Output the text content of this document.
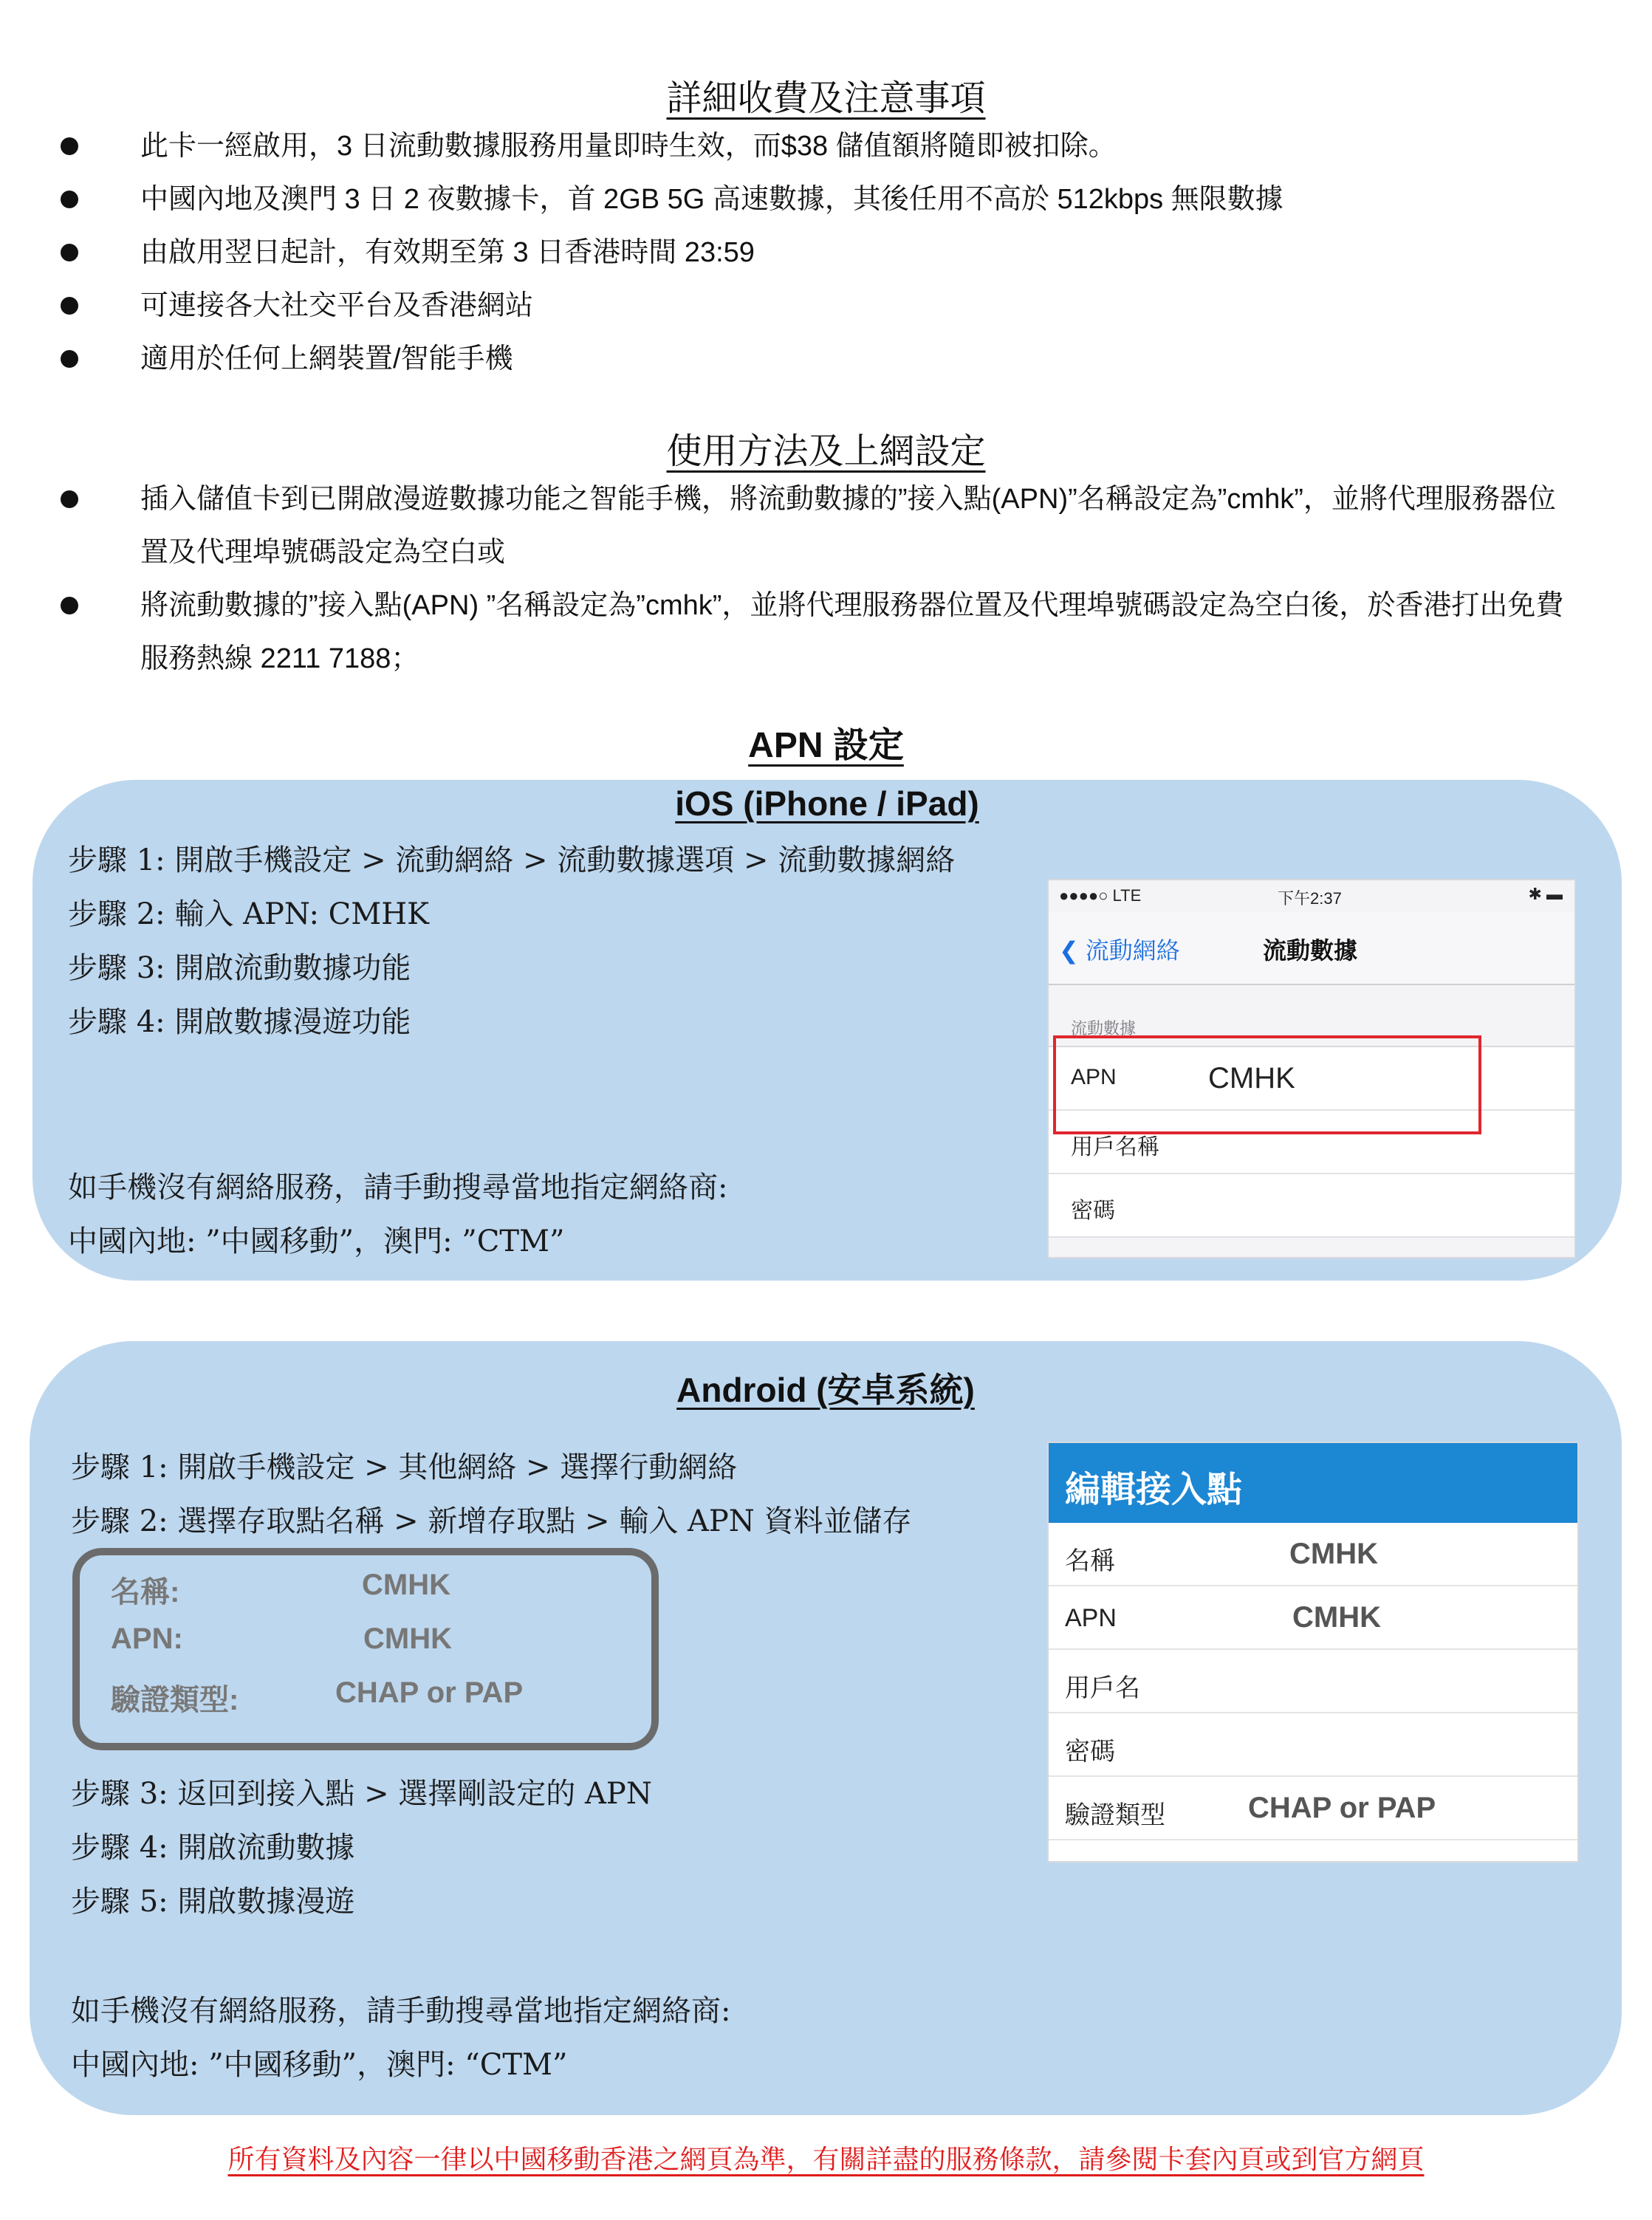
詳細收費及注意事項
此卡一經啟用，3 日流動數據服務用量即時生效，而$38 儲值額將隨即被扣除。
中國內地及澳門 3 日 2 夜數據卡，首 2GB 5G 高速數據，其後任用不高於 512kbps 無限數據
由啟用翌日起計，有效期至第 3 日香港時間 23:59
可連接各大社交平台及香港網站
適用於任何上網裝置/智能手機
使用方法及上網設定
插入儲值卡到已開啟漫遊數據功能之智能手機，將流動數據的”接入點(APN)”名稱設定為”cmhk”，並將代理服務器位置及代理埠號碼設定為空白或
將流動數據的”接入點(APN) ”名稱設定為”cmhk”，並將代理服務器位置及代理埠號碼設定為空白後，於香港打出免費服務熱線 2211 7188；
APN 設定
iOS (iPhone / iPad)
步驟 1: 開啟手機設定 > 流動網絡 > 流動數據選項 > 流動數據網絡
步驟 2: 輸入 APN: CMHK
步驟 3: 開啟流動數據功能
步驟 4: 開啟數據漫遊功能
如手機沒有網絡服務，請手動搜尋當地指定網絡商:
中國內地: ”中國移動”，澳門: ”CTM”
●●●●○ LTE	下午2:37	✱ ▬
❮ 流動網絡	流動數據
流動數據
APN	CMHK
用戶名稱
密碼
Android (安卓系統)
步驟 1: 開啟手機設定 > 其他網絡 > 選擇行動網絡
步驟 2: 選擇存取點名稱 > 新增存取點 > 輸入 APN 資料並儲存
名稱:	CMHK
APN:	CMHK
驗證類型:	CHAP or PAP
步驟 3: 返回到接入點 > 選擇剛設定的 APN
步驟 4: 開啟流動數據
步驟 5: 開啟數據漫遊
如手機沒有網絡服務，請手動搜尋當地指定網絡商:
中國內地: ”中國移動”，澳門: “CTM”
編輯接入點
名稱	CMHK
APN	CMHK
用戶名
密碼
驗證類型	CHAP or PAP
所有資料及內容一律以中國移動香港之網頁為準，有關詳盡的服務條款，請參閱卡套內頁或到官方網頁
